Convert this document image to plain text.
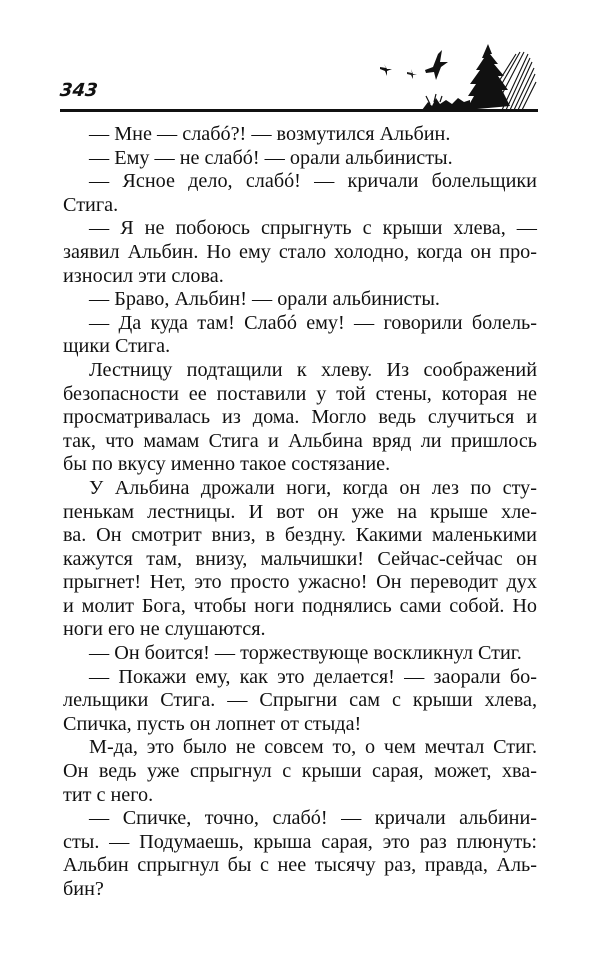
343
— Мне — слабó?! — возмутился Альбин.
— Ему — не слабó! — орали альбинисты.
— Ясное дело, слабó! — кричали болельщики
Стига.
— Я не побоюсь спрыгнуть с крыши хлева, —
заявил Альбин. Но ему стало холодно, когда он про-
износил эти слова.
— Браво, Альбин! — орали альбинисты.
— Да куда там! Слабó ему! — говорили болель-
щики Стига.
Лестницу подтащили к хлеву. Из соображений
безопасности ее поставили у той стены, которая не
просматривалась из дома. Могло ведь случиться и
так, что мамам Стига и Альбина вряд ли пришлось
бы по вкусу именно такое состязание.
У Альбина дрожали ноги, когда он лез по сту-
пенькам лестницы. И вот он уже на крыше хле-
ва. Он смотрит вниз, в бездну. Какими маленькими
кажутся там, внизу, мальчишки! Сейчас-сейчас он
прыгнет! Нет, это просто ужасно! Он переводит дух
и молит Бога, чтобы ноги поднялись сами собой. Но
ноги его не слушаются.
— Он боится! — торжествующе воскликнул Стиг.
— Покажи ему, как это делается! — заорали бо-
лельщики Стига. — Спрыгни сам с крыши хлева,
Спичка, пусть он лопнет от стыда!
М-да, это было не совсем то, о чем мечтал Стиг.
Он ведь уже спрыгнул с крыши сарая, может, хва-
тит с него.
— Спичке, точно, слабó! — кричали альбини-
сты. — Подумаешь, крыша сарая, это раз плюнуть:
Альбин спрыгнул бы с нее тысячу раз, правда, Аль-
бин?
